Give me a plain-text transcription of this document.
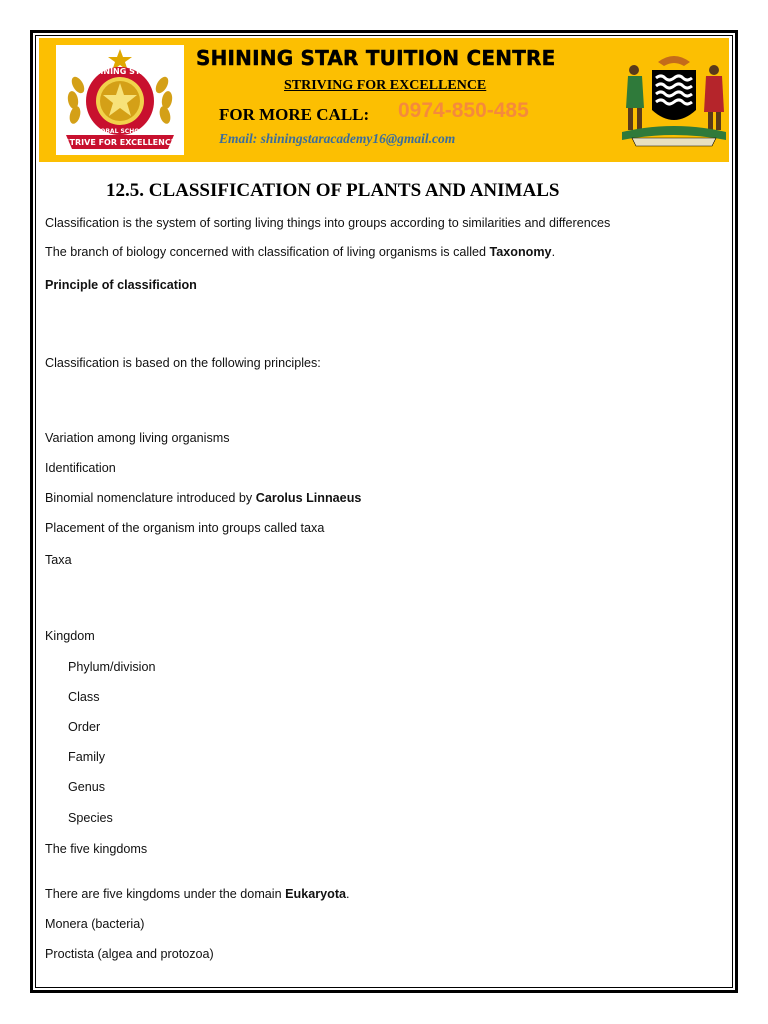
SHINING STAR
GLOBAL SCHOOL
STRIVE FOR EXCELLENCE
SHINING STAR TUITION CENTRE
STRIVING FOR EXCELLENCE
FOR MORE CALL: 0974-850-485
Email: shiningstaracademy16@gmail.com
12.5. CLASSIFICATION OF PLANTS AND ANIMALS
Classification is the system of sorting living things into groups according to similarities and differences
The branch of biology concerned with classification of living organisms is called Taxonomy.
Principle of classification
Classification is based on the following principles:
Variation among living organisms
Identification
Binomial nomenclature introduced by Carolus Linnaeus
Placement of the organism into groups called taxa
Taxa
Kingdom
Phylum/division
Class
Order
Family
Genus
Species
The five kingdoms
There are five kingdoms under the domain Eukaryota.
Monera (bacteria)
Proctista (algea and protozoa)
